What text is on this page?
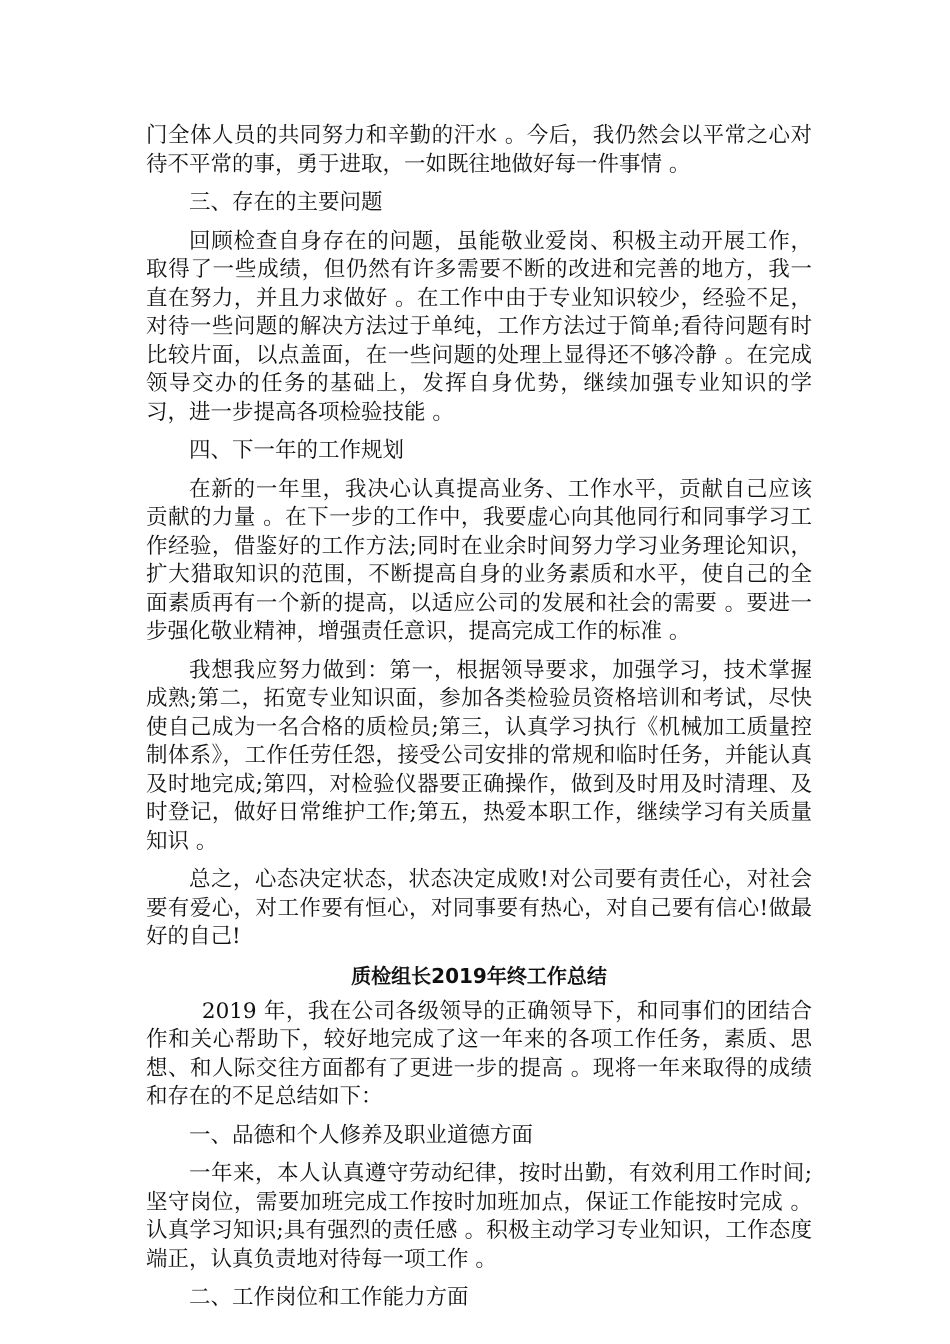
门全体人员的共同努力和辛勤的汗水 。今后，我仍然会以平常之心对待不平常的事，勇于进取，一如既往地做好每一件事情 。

三、存在的主要问题

回顾检查自身存在的问题，虽能敬业爱岗、积极主动开展工作，取得了一些成绩，但仍然有许多需要不断的改进和完善的地方，我一直在努力，并且力求做好 。在工作中由于专业知识较少，经验不足，对待一些问题的解决方法过于单纯，工作方法过于简单;看待问题有时比较片面，以点盖面，在一些问题的处理上显得还不够冷静 。在完成领导交办的任务的基础上，发挥自身优势，继续加强专业知识的学习，进一步提高各项检验技能 。

四、下一年的工作规划

在新的一年里，我决心认真提高业务、工作水平，贡献自己应该贡献的力量 。在下一步的工作中，我要虚心向其他同行和同事学习工作经验，借鉴好的工作方法;同时在业余时间努力学习业务理论知识，扩大猎取知识的范围，不断提高自身的业务素质和水平，使自己的全面素质再有一个新的提高，以适应公司的发展和社会的需要 。要进一步强化敬业精神，增强责任意识，提高完成工作的标准 。

我想我应努力做到：第一，根据领导要求，加强学习，技术掌握成熟;第二，拓宽专业知识面，参加各类检验员资格培训和考试，尽快使自己成为一名合格的质检员;第三，认真学习执行《机械加工质量控制体系》，工作任劳任怨，接受公司安排的常规和临时任务，并能认真及时地完成;第四，对检验仪器要正确操作，做到及时用及时清理、及时登记，做好日常维护工作;第五，热爱本职工作，继续学习有关质量知识 。

总之，心态决定状态，状态决定成败!对公司要有责任心，对社会要有爱心，对工作要有恒心，对同事要有热心，对自己要有信心!做最好的自己!

质检组长2019年终工作总结

2019 年，我在公司各级领导的正确领导下，和同事们的团结合作和关心帮助下，较好地完成了这一年来的各项工作任务，素质、思想、和人际交往方面都有了更进一步的提高 。现将一年来取得的成绩和存在的不足总结如下：

一、品德和个人修养及职业道德方面

一年来，本人认真遵守劳动纪律，按时出勤，有效利用工作时间;坚守岗位，需要加班完成工作按时加班加点，保证工作能按时完成 。认真学习知识;具有强烈的责任感 。积极主动学习专业知识，工作态度端正，认真负责地对待每一项工作 。

二、工作岗位和工作能力方面
